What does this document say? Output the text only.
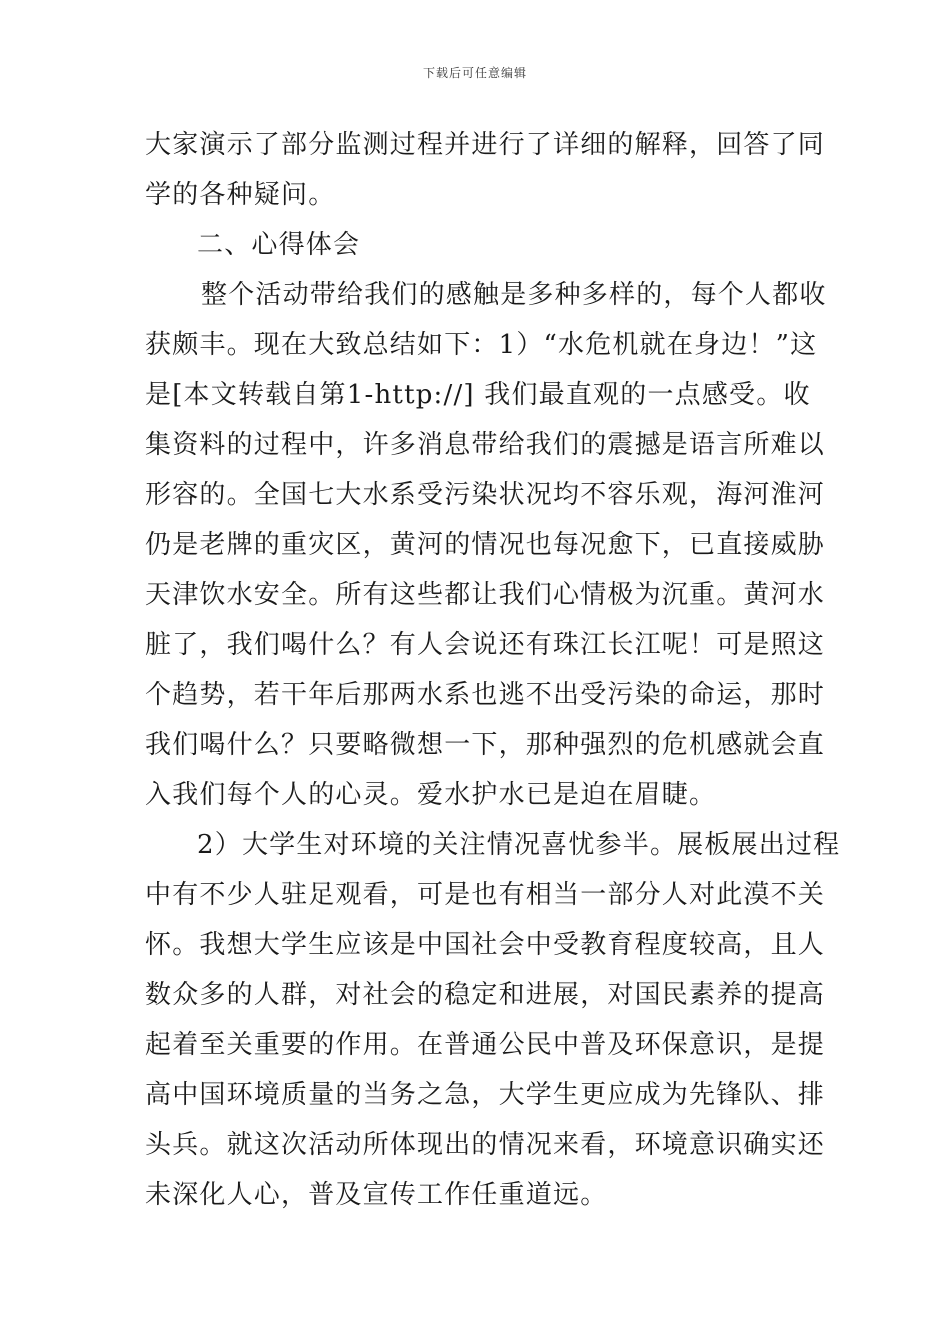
下载后可任意编辑
大家演示了部分监测过程并进行了详细的解释，回答了同
学的各种疑问。
二、心得体会
整个活动带给我们的感触是多种多样的，每个人都收
获颇丰。现在大致总结如下：1）“水危机就在身边！”这
是[本文转载自第1-http://] 我们最直观的一点感受。收
集资料的过程中，许多消息带给我们的震撼是语言所难以
形容的。全国七大水系受污染状况均不容乐观，海河淮河
仍是老牌的重灾区，黄河的情况也每况愈下，已直接威胁
天津饮水安全。所有这些都让我们心情极为沉重。黄河水
脏了，我们喝什么？有人会说还有珠江长江呢！可是照这
个趋势，若干年后那两水系也逃不出受污染的命运，那时
我们喝什么？只要略微想一下，那种强烈的危机感就会直
入我们每个人的心灵。爱水护水已是迫在眉睫。
2）大学生对环境的关注情况喜忧参半。展板展出过程
中有不少人驻足观看，可是也有相当一部分人对此漠不关
怀。我想大学生应该是中国社会中受教育程度较高，且人
数众多的人群，对社会的稳定和进展，对国民素养的提高
起着至关重要的作用。在普通公民中普及环保意识，是提
高中国环境质量的当务之急，大学生更应成为先锋队、排
头兵。就这次活动所体现出的情况来看，环境意识确实还
未深化人心，普及宣传工作任重道远。
